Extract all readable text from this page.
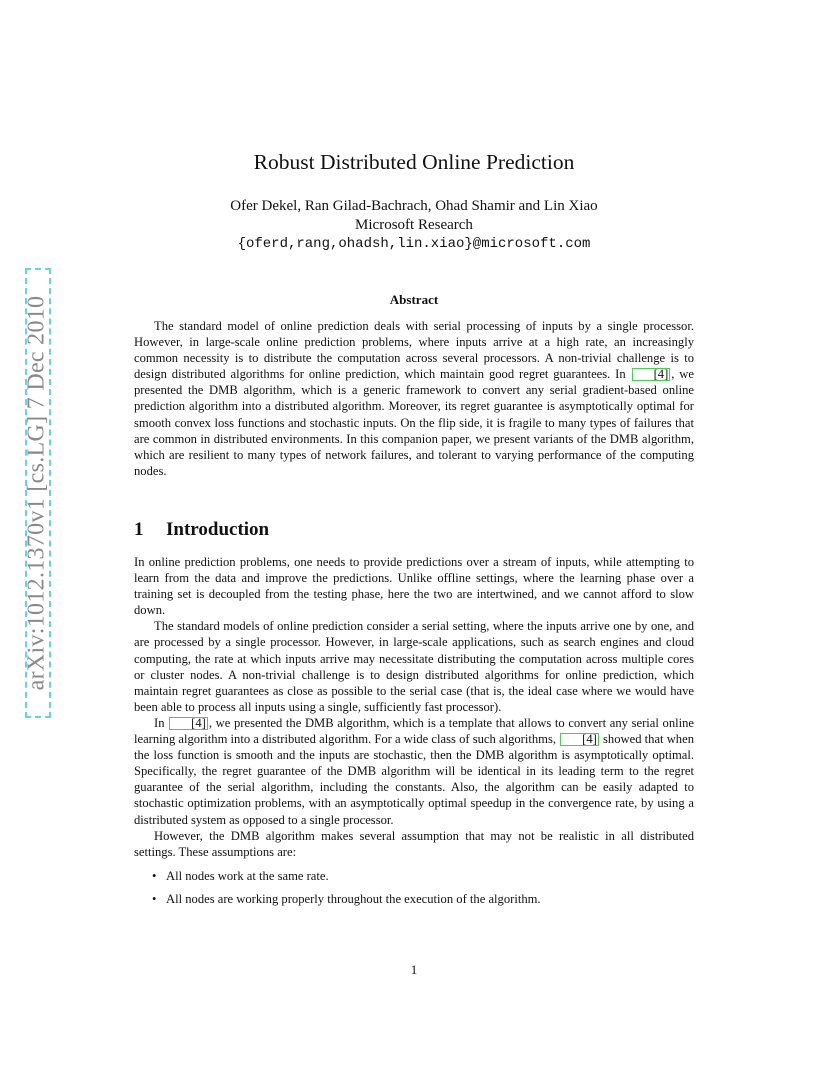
arXiv:1012.1370v1 [cs.LG] 7 Dec 2010
Robust Distributed Online Prediction
Ofer Dekel, Ran Gilad-Bachrach, Ohad Shamir and Lin Xiao
Microsoft Research
{oferd,rang,ohadsh,lin.xiao}@microsoft.com
Abstract

The standard model of online prediction deals with serial processing of inputs by a single processor. However, in large-scale online prediction problems, where inputs arrive at a high rate, an increasingly common necessity is to distribute the computation across several processors. A non-trivial challenge is to design distributed algorithms for online prediction, which maintain good regret guarantees. In [4] , we presented the DMB algorithm, which is a generic framework to convert any serial gradient-based online prediction algorithm into a distributed algorithm. Moreover, its regret guarantee is asymptotically optimal for smooth convex loss functions and stochastic inputs. On the flip side, it is fragile to many types of failures that are common in distributed environments. In this companion paper, we present variants of the DMB algorithm, which are resilient to many types of network failures, and tolerant to varying performance of the computing nodes.

1 Introduction

In online prediction problems, one needs to provide predictions over a stream of inputs, while attempting to learn from the data and improve the predictions. Unlike offline settings, where the learning phase over a training set is decoupled from the testing phase, here the two are intertwined, and we cannot afford to slow down.

The standard models of online prediction consider a serial setting, where the inputs arrive one by one, and are processed by a single processor. However, in large-scale applications, such as search engines and cloud computing, the rate at which inputs arrive may necessitate distributing the computation across multiple cores or cluster nodes. A non-trivial challenge is to design distributed algorithms for online prediction, which maintain regret guarantees as close as possible to the serial case (that is, the ideal case where we would have been able to process all inputs using a single, sufficiently fast processor).

In [4] , we presented the DMB algorithm, which is a template that allows to convert any serial online learning algorithm into a distributed algorithm. For a wide class of such algorithms, [4] showed that when the loss function is smooth and the inputs are stochastic, then the DMB algorithm is asymptotically optimal. Specifically, the regret guarantee of the DMB algorithm will be identical in its leading term to the regret guarantee of the serial algorithm, including the constants. Also, the algorithm can be easily adapted to stochastic optimization problems, with an asymptotically optimal speedup in the convergence rate, by using a distributed system as opposed to a single processor.

However, the DMB algorithm makes several assumption that may not be realistic in all distributed settings. These assumptions are:

• All nodes work at the same rate.
• All nodes are working properly throughout the execution of the algorithm.
1
